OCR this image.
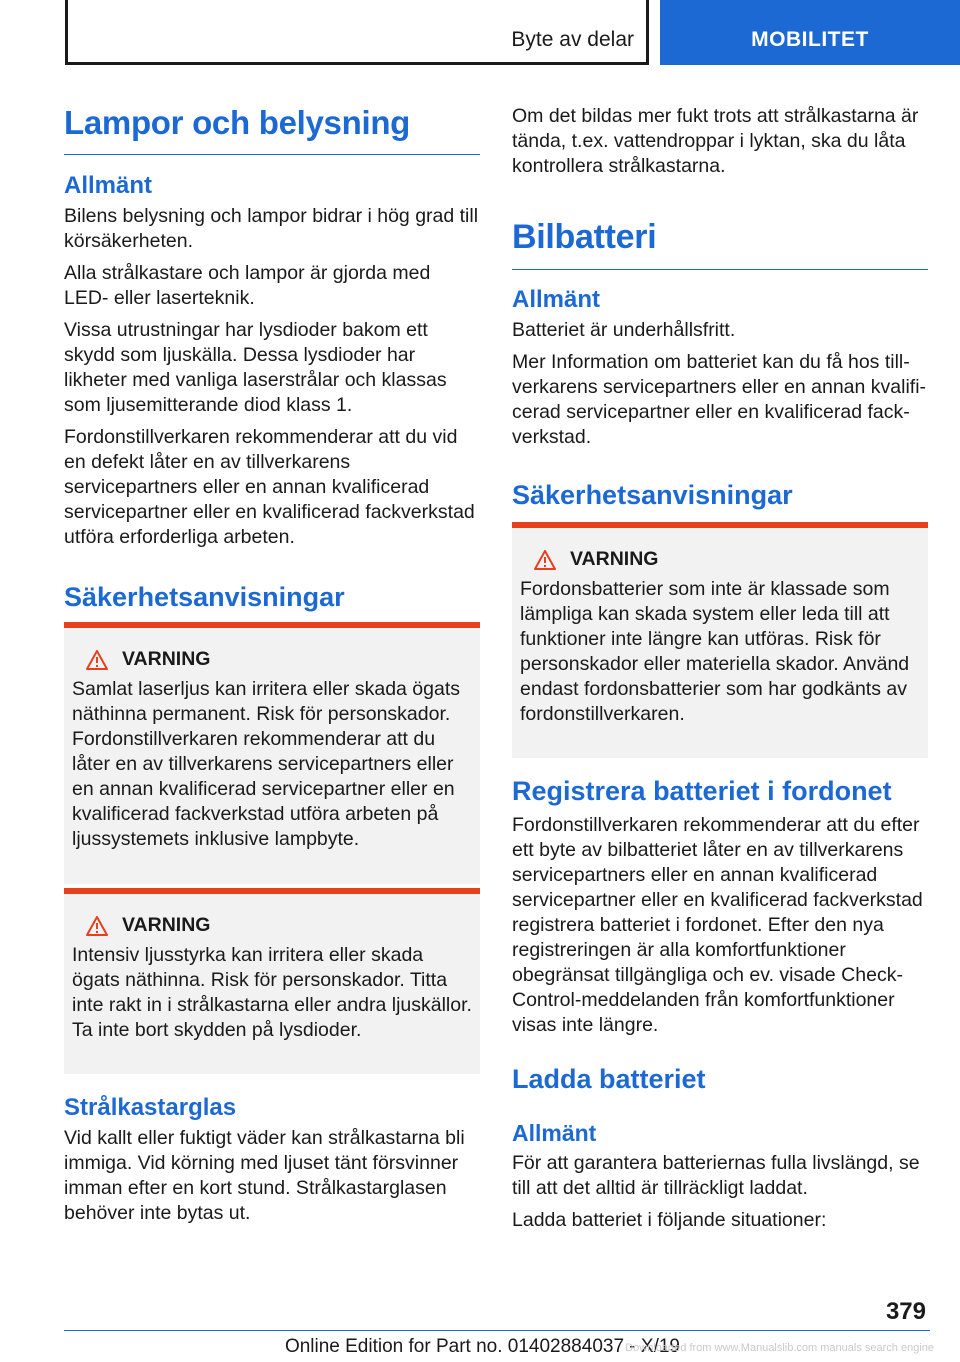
Byte av delar	MOBILITET
Lampor och belysning
Allmänt

Bilens belysning och lampor bidrar i hög grad till körsäkerheten.

Alla strålkastare och lampor är gjorda med LED- eller laserteknik.

Vissa utrustningar har lysdioder bakom ett skydd som ljuskälla. Dessa lysdioder har likheter med vanliga laserstrålar och klassas som ljusemitterande diod klass 1.

Fordonstillverkaren rekommenderar att du vid en defekt låter en av tillverkarens servicepartners eller en annan kvalificerad servicepartner eller en kvalificerad fackverkstad utföra erforderliga arbeten.

Säkerhetsanvisningar
VARNING

Samlat laserljus kan irritera eller skada ögats näthinna permanent. Risk för personskador. Fordonstillverkaren rekommenderar att du låter en av tillverkarens servicepartners eller en annan kvalificerad servicepartner eller en kvalificerad fackverkstad utföra arbeten på ljussystemets inklusive lampbyte.

VARNING

Intensiv ljusstyrka kan irritera eller skada ögats näthinna. Risk för personskador. Titta inte rakt in i strålkastarna eller andra ljuskällor. Ta inte bort skydden på lysdioder.

Strålkastarglas

Vid kallt eller fuktigt väder kan strålkastarna bli immiga. Vid körning med ljuset tänt försvinner imman efter en kort stund. Strålkastarglasen behöver inte bytas ut.

Om det bildas mer fukt trots att strålkastarna är tända, t.ex. vattendroppar i lyktan, ska du låta kontrollera strålkastarna.

Bilbatteri
Allmänt

Batteriet är underhållsfritt.

Mer Information om batteriet kan du få hos tillverkarens servicepartners eller en annan kvalificerad servicepartner eller en kvalificerad fackverkstad.

Säkerhetsanvisningar
VARNING

Fordonsbatterier som inte är klassade som lämpliga kan skada system eller leda till att funktioner inte längre kan utföras. Risk för personskador eller materiella skador. Använd endast fordonsbatterier som har godkänts av fordonstillverkaren.

Registrera batteriet i fordonet

Fordonstillverkaren rekommenderar att du efter ett byte av bilbatteriet låter en av tillverkarens servicepartners eller en annan kvalificerad servicepartner eller en kvalificerad fackverkstad registrera batteriet i fordonet. Efter den nya registreringen är alla komfortfunktioner obegränsat tillgängliga och ev. visade Check-Control-meddelanden från komfortfunktioner visas inte längre.

Ladda batteriet
Allmänt

För att garantera batteriernas fulla livslängd, se till att det alltid är tillräckligt laddat.

Ladda batteriet i följande situationer:

379
Online Edition for Part no. 01402884037 - X/19
Downloaded from www.Manualslib.com manuals search engine
